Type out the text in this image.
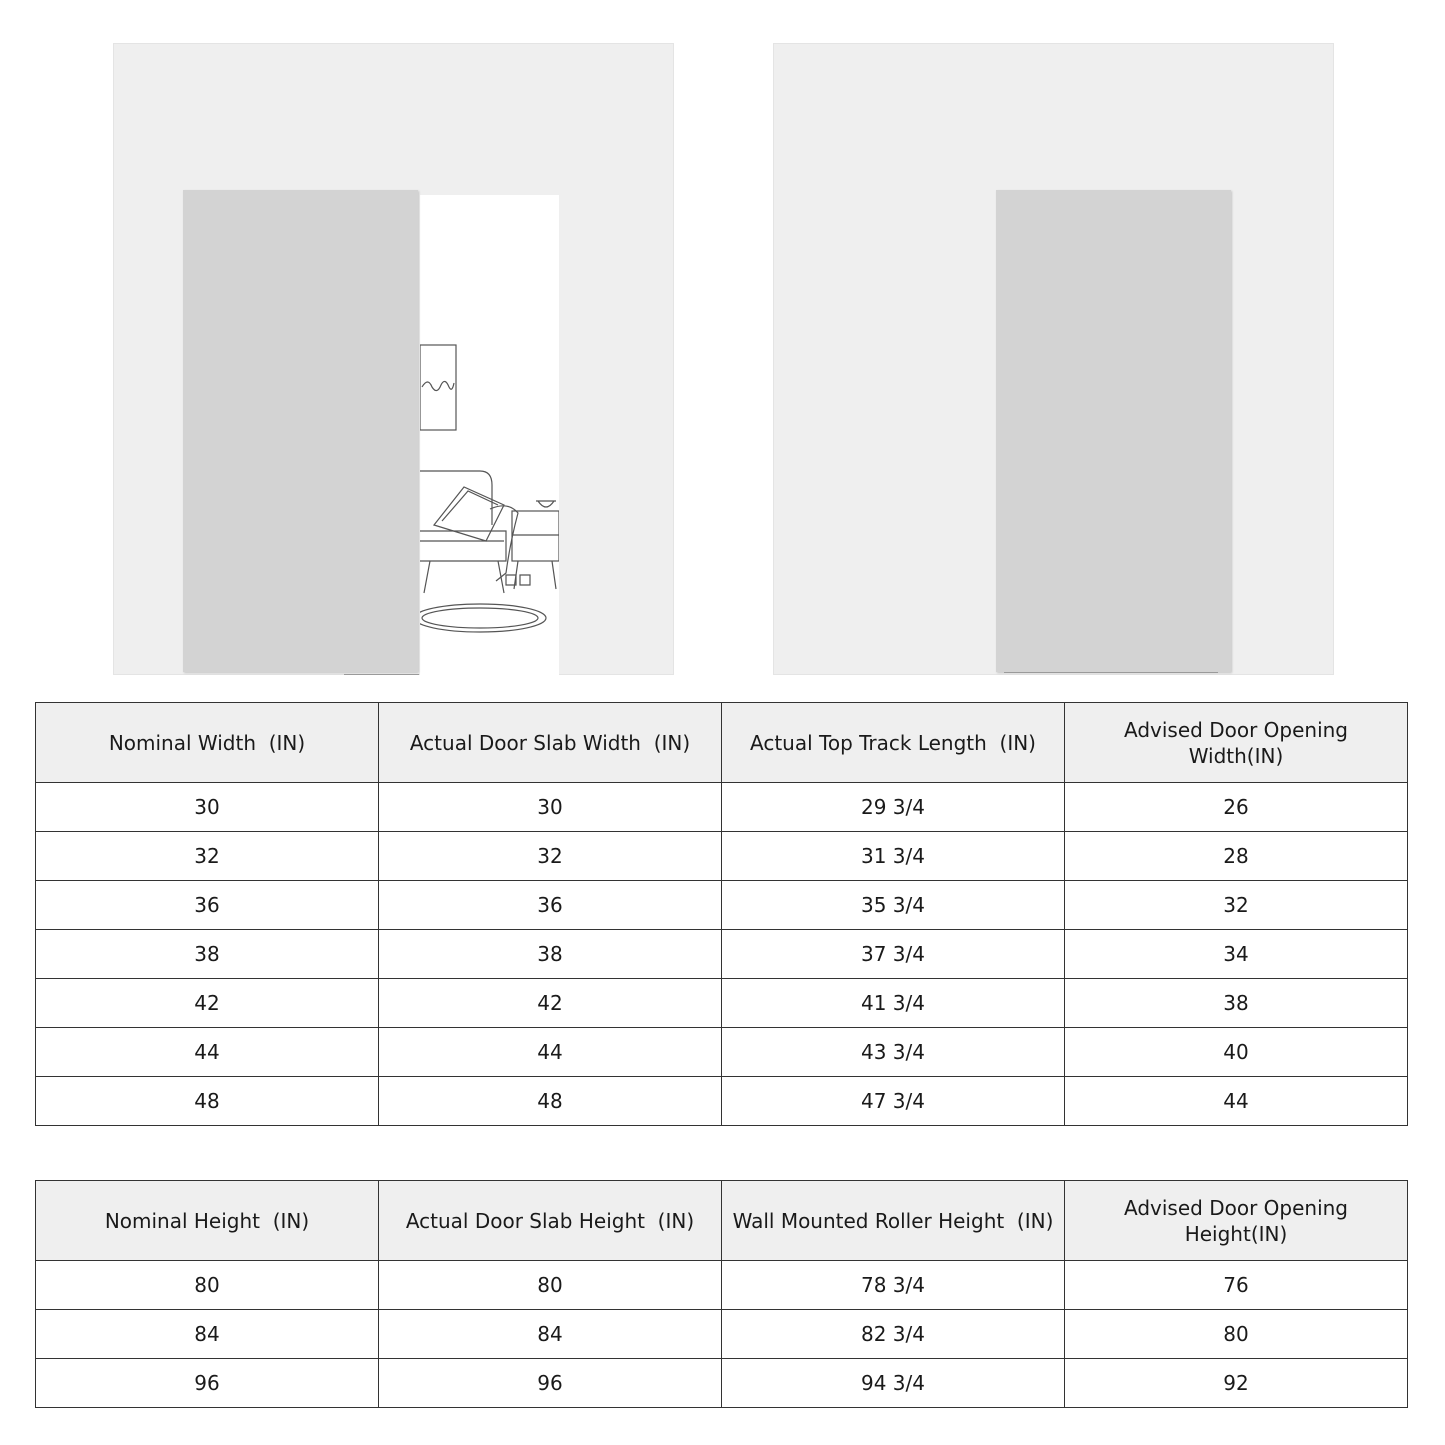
Nominal Width  (IN)	Actual Door Slab Width  (IN)	Actual Top Track Length  (IN)	Advised Door Opening Width(IN)
30	30	29 3/4	26
32	32	31 3/4	28
36	36	35 3/4	32
38	38	37 3/4	34
42	42	41 3/4	38
44	44	43 3/4	40
48	48	47 3/4	44
Nominal Height  (IN)	Actual Door Slab Height  (IN)	Wall Mounted Roller Height  (IN)	Advised Door Opening Height(IN)
80	80	78 3/4	76
84	84	82 3/4	80
96	96	94 3/4	92
